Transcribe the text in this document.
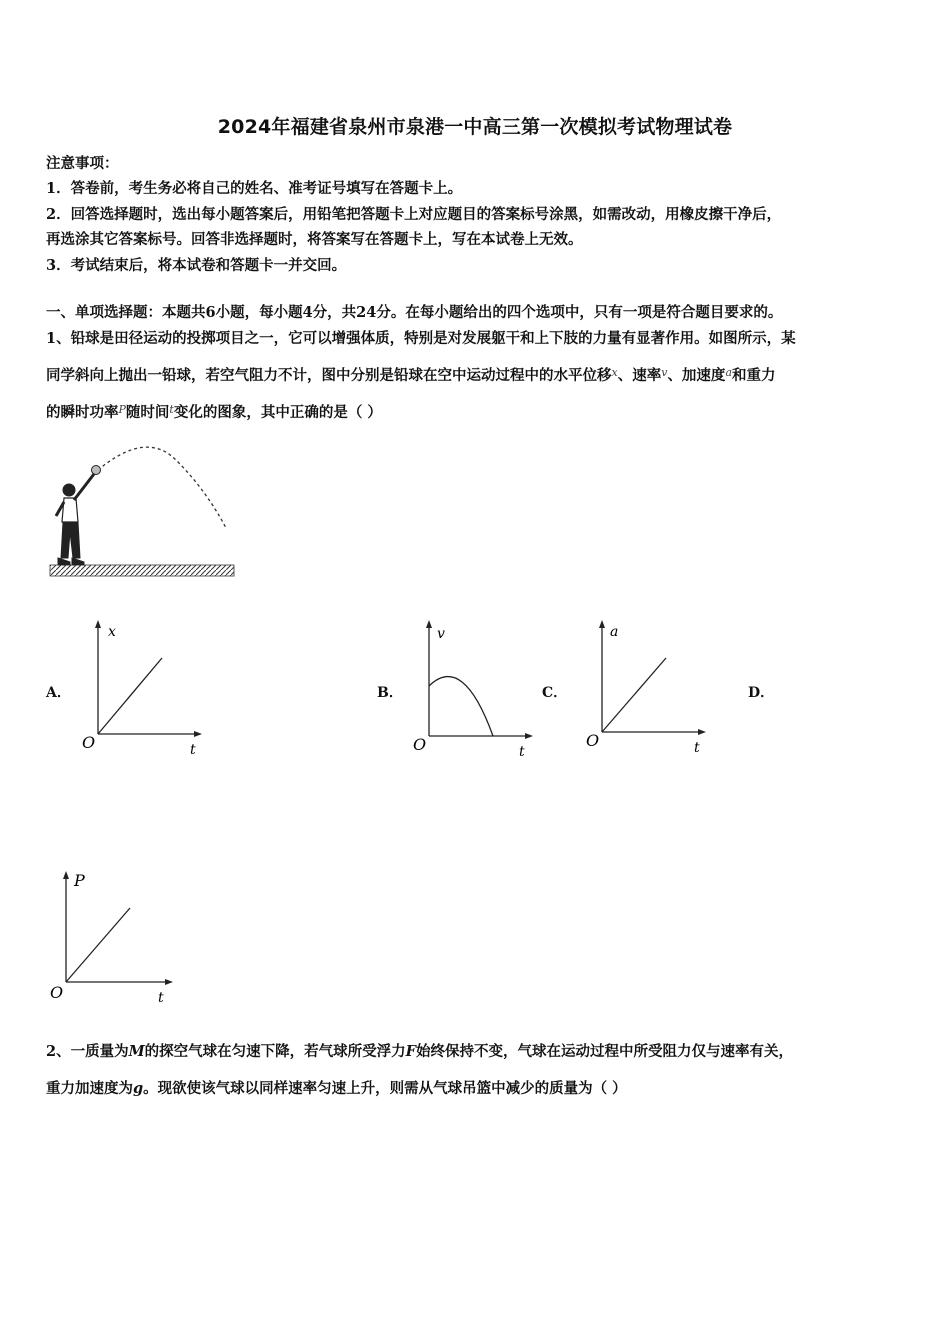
2024年福建省泉州市泉港一中高三第一次模拟考试物理试卷
注意事项：
1．答卷前，考生务必将自己的姓名、准考证号填写在答题卡上。
2．回答选择题时，选出每小题答案后，用铅笔把答题卡上对应题目的答案标号涂黑，如需改动，用橡皮擦干净后，
再选涂其它答案标号。回答非选择题时，将答案写在答题卡上，写在本试卷上无效。
3．考试结束后，将本试卷和答题卡一并交回。
一、单项选择题：本题共6小题，每小题4分，共24分。在每小题给出的四个选项中，只有一项是符合题目要求的。
1、铅球是田径运动的投掷项目之一，它可以增强体质，特别是对发展躯干和上下肢的力量有显著作用。如图所示，某
同学斜向上抛出一铅球，若空气阻力不计，图中分别是铅球在空中运动过程中的水平位移$^x$、速率$^v$、加速度$^a$和重力
的瞬时功率$^P$随时间$^t$变化的图象，其中正确的是（ ）
A．	B．	C．	D．
x
t
O
v
t
O
a
t
O
P
t
O
2、一质量为M的探空气球在匀速下降，若气球所受浮力F始终保持不变，气球在运动过程中所受阻力仅与速率有关，
重力加速度为g。现欲使该气球以同样速率匀速上升，则需从气球吊篮中减少的质量为（ ）
